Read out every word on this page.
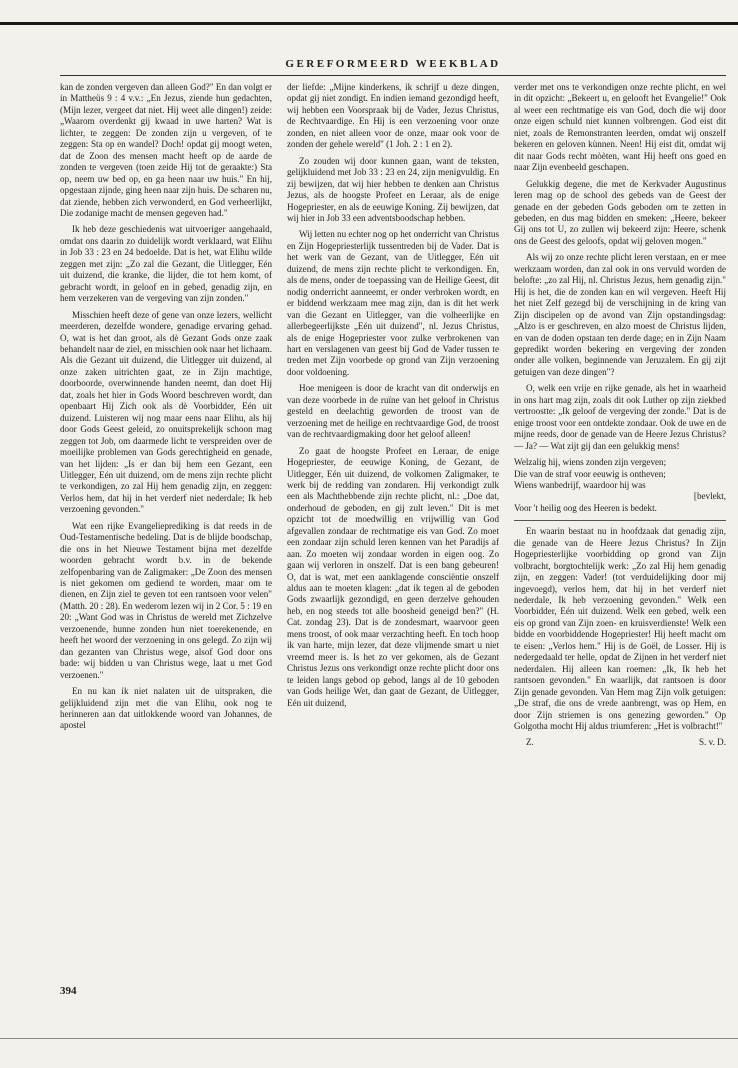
GEREFORMEERD WEEKBLAD

kan de zonden vergeven dan alleen God?" En dan volgt er in Mattheüs 9 : 4 v.v.: „En Jezus, ziende hun gedachten, (Mijn lezer, vergeet dat niet. Hij weet alle dingen!) zeide: „Waarom overdenkt gij kwaad in uwe harten? Wat is lichter, te zeggen: De zonden zijn u vergeven, of te zeggen: Sta op en wandel? Doch! opdat gij moogt weten, dat de Zoon des mensen macht heeft op de aarde de zonden te vergeven (toen zeide Hij tot de geraakte:) Sta op, neem uw bed op, en ga heen naar uw huis." En hij, opgestaan zijnde, ging heen naar zijn huis. De scharen nu, dat ziende, hebben zich verwonderd, en God verheerlijkt, Die zodanige macht de mensen gegeven had."

Ik heb deze geschiedenis wat uitvoeriger aangehaald, omdat ons daarin zo duidelijk wordt verklaard, wat Elihu in Job 33 : 23 en 24 bedoelde. Dat is het, wat Elihu wilde zeggen met zijn: „Zo zal die Gezant, die Uitlegger, Eén uit duizend, die kranke, die lijder, die tot hem komt, of gebracht wordt, in geloof en in gebed, genadig zijn, en hem verzekeren van de vergeving van zijn zonden."

Misschien heeft deze of gene van onze lezers, wellicht meerderen, dezelfde wondere, genadige ervaring gehad. O, wat is het dan groot, als dè Gezant Gods onze zaak behandelt naar de ziel, en misschien ook naar het lichaam. Als die Gezant uit duizend, die Uitlegger uit duizend, al onze zaken uitrichten gaat, ze in Zijn machtige, doorboorde, overwinnende handen neemt, dan doet Hij dat, zoals het hier in Gods Woord beschreven wordt, dan openbaart Hij Zich ook als dè Voorbidder, Eén uit duizend. Luisteren wij nog maar eens naar Elihu, als hij door Gods Geest geleid, zo onuitsprekelijk schoon mag zeggen tot Job, om daarmede licht te verspreiden over de moeilijke problemen van Gods gerechtigheid en genade, van het lijden: „Is er dan bij hem een Gezant, een Uitlegger, Eén uit duizend, om de mens zijn rechte plicht te verkondigen, zo zal Hij hem genadig zijn, en zeggen: Verlos hem, dat hij in het verderf niet nederdale; Ik heb verzoening gevonden."

Wat een rijke Evangelieprediking is dat reeds in de Oud-Testamentische bedeling. Dat is de blijde boodschap, die ons in het Nieuwe Testament bijna met dezelfde woorden gebracht wordt b.v. in de bekende zelfopenbaring van de Zaligmaker: „De Zoon des mensen is niet gekomen om gediend te worden, maar om te dienen, en Zijn ziel te geven tot een rantsoen voor velen" (Matth. 20 : 28). En wederom lezen wij in 2 Cor. 5 : 19 en 20: „Want God was in Christus de wereld met Zichzelve verzoenende, hunne zonden hun niet toerekenende, en heeft het woord der verzoening in ons gelegd. Zo zijn wij dan gezanten van Christus wege, alsof God door ons bade: wij bidden u van Christus wege, laat u met God verzoenen."

En nu kan ik niet nalaten uit de uitspraken, die gelijkluidend zijn met die van Elihu, ook nog te herinneren aan dat uitlokkende woord van Johannes, de apostel

der liefde: „Mijne kinderkens, ik schrijf u deze dingen, opdat gij niet zondigt. En indien iemand gezondigd heeft, wij hebben een Voorspraak bij de Vader, Jezus Christus, de Rechtvaardige. En Hij is een verzoening voor onze zonden, en niet alleen voor de onze, maar ook voor de zonden der gehele wereld" (1 Joh. 2 : 1 en 2).

Zo zouden wij door kunnen gaan, want de teksten, gelijkluidend met Job 33 : 23 en 24, zijn menigvuldig. En zij bewijzen, dat wij hier hebben te denken aan Christus Jezus, als de hoogste Profeet en Leraar, als de enige Hogepriester, en als de eeuwige Koning. Zij bewijzen, dat wij hier in Job 33 een adventsboodschap hebben.

Wij letten nu echter nog op het onderricht van Christus en Zijn Hogepriesterlijk tussentreden bij de Vader. Dat is het werk van de Gezant, van de Uitlegger, Eén uit duizend, de mens zijn rechte plicht te verkondigen. En, als de mens, onder de toepassing van de Heilige Geest, dit nodig onderricht aanneemt, er onder verbroken wordt, en er biddend werkzaam mee mag zijn, dan is dit het werk van die Gezant en Uitlegger, van die volheerlijke en allerbegeerlijkste „Eén uit duizend", nl. Jezus Christus, als de enige Hogepriester voor zulke verbrokenen van hart en verslagenen van geest bij God de Vader tussen te treden met Zijn voorbede op grond van Zijn verzoening door voldoening.

Hoe menigeen is door de kracht van dit onderwijs en van deze voorbede in de ruïne van het geloof in Christus gesteld en deelachtig geworden de troost van de verzoening met de heilige en rechtvaardige God, de troost van de rechtvaardigmaking door het geloof alleen!

Zo gaat de hoogste Profeet en Leraar, de enige Hogepriester, de eeuwige Koning, de Gezant, de Uitlegger, Eén uit duizend, de volkomen Zaligmaker, te werk bij de redding van zondaren. Hij verkondigt zulk een als Machthebbende zijn rechte plicht, nl.: „Doe dat, onderhoud de geboden, en gij zult leven." Dit is met opzicht tot de moedwillig en vrijwillig van God afgevallen zondaar de rechtmatige eis van God. Zo moet een zondaar zijn schuld leren kennen van het Paradijs af aan. Zo moeten wij zondaar worden in eigen oog. Zo gaan wij verloren in onszelf. Dat is een bang gebeuren! O, dat is wat, met een aanklagende consciëntie onszelf aldus aan te moeten klagen: „dat ik tegen al de geboden Gods zwaarlijk gezondigd, en geen derzelve gehouden heb, en nog steeds tot alle boosheid geneigd ben?" (H. Cat. zondag 23). Dat is de zondesmart, waarvoor geen mens troost, of ook maar verzachting heeft. En toch hoop ik van harte, mijn lezer, dat deze vlijmende smart u niet vreemd meer is. Is het zo ver gekomen, als de Gezant Christus Jezus ons verkondigt onze rechte plicht door ons te leiden langs gebod op gebod, langs al de 10 geboden van Gods heilige Wet, dan gaat de Gezant, de Uitlegger, Eén uit duizend,

verder met ons te verkondigen onze rechte plicht, en wel in dit opzicht: „Bekeert u, en gelooft het Evangelie!" Ook al weer een rechtmatige eis van God, doch die wij door onze eigen schuld niet kunnen volbrengen. God eist dit niet, zoals de Remonstranten leerden, omdat wij onszelf bekeren en geloven kùnnen. Neen! Hij eist dit, omdat wij dit naar Gods recht mòèten, want Hij heeft ons goed en naar Zijn evenbeeld geschapen.

Gelukkig degene, die met de Kerkvader Augustinus leren mag op de school des gebeds van de Geest der genade en der gebeden Gods geboden om te zetten in gebeden, en dus mag bidden en smeken: „Heere, bekeer Gij ons tot U, zo zullen wij bekeerd zijn: Heere, schenk ons de Geest des geloofs, opdat wij geloven mogen."

Als wij zo onze rechte plicht leren verstaan, en er mee werkzaam worden, dan zal ook in ons vervuld worden de belofte: „zo zal Hij, nl. Christus Jezus, hem genadig zijn." Hij is het, die de zonden kan en wil vergeven. Heeft Hij het niet Zelf gezegd bij de verschijning in de kring van Zijn discipelen op de avond van Zijn opstandingsdag: „Alzo is er geschreven, en alzo moest de Christus lijden, en van de doden opstaan ten derde dage; en in Zijn Naam gepredikt worden bekering en vergeving der zonden onder alle volken, beginnende van Jeruzalem. En gij zijt getuigen van deze dingen"?

O, welk een vrije en rijke genade, als het in waarheid in ons hart mag zijn, zoals dit ook Luther op zijn ziekbed vertroostte: „Ik geloof de vergeving der zonde." Dat is de enige troost voor een ontdekte zondaar. Ook de uwe en de mijne reeds, door de genade van de Heere Jezus Christus? — Ja? — Wat zijt gij dan een gelukkig mens!

Welzalig hij, wiens zonden zijn vergeven;
Die van de straf voor eeuwig is ontheven;
Wiens wanbedrijf, waardoor hij was
[bevlekt,
Voor 't heilig oog des Heeren is bedekt.

En waarin bestaat nu in hoofdzaak dat genadig zijn, die genade van de Heere Jezus Christus? In Zijn Hogepriesterlijke voorbidding op grond van Zijn volbracht, borgtochtelijk werk: „Zo zal Hij hem genadig zijn, en zeggen: Vader! (tot verduidelijking door mij ingevoegd), verlos hem, dat hij in het verderf niet nederdale, Ik heb verzoening gevonden." Welk een Voorbidder, Eén uit duizend. Welk een gebed, welk een eis op grond van Zijn zoen- en kruisverdienste! Welk een bidde en voorbiddende Hogepriester! Hij heeft macht om te eisen: „Verlos hem." Hij is de Goël, de Losser. Hij is nedergedaald ter helle, opdat de Zijnen in het verderf niet nederdalen. Hij alleen kan roemen: „Ik, Ik heb het rantsoen gevonden." En waarlijk, dat rantsoen is door Zijn genade gevonden. Van Hem mag Zijn volk getuigen: „De straf, die ons de vrede aanbrengt, was op Hem, en door Zijn striemen is ons genezing geworden." Op Golgotha mocht Hij aldus triumferen: „Het is volbracht!"

Z.	S. v. D.

394
